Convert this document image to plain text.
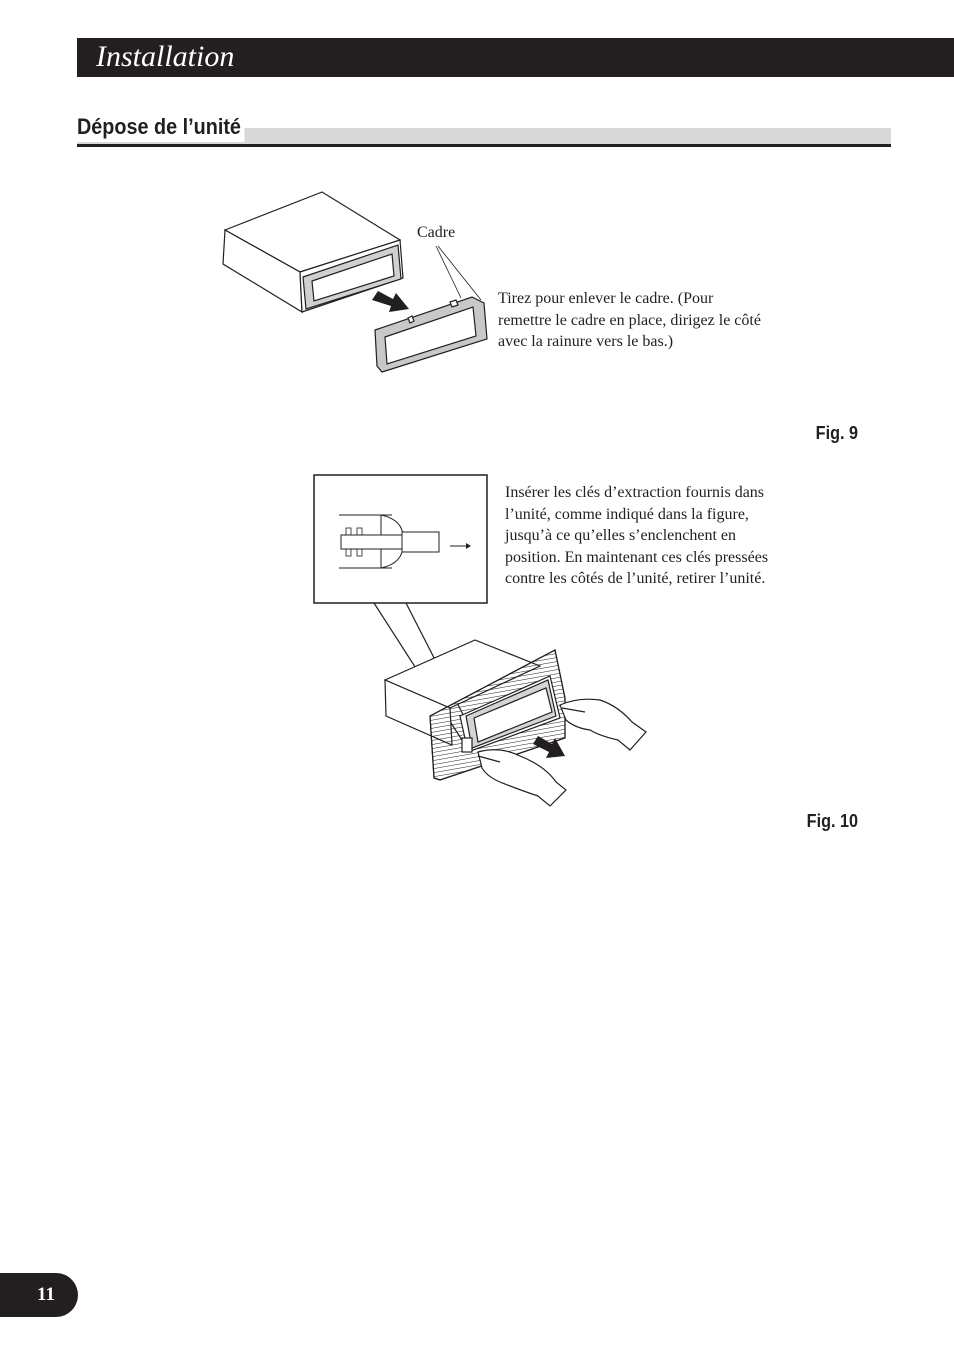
Installation
Dépose de l’unité
Cadre
Tirez pour enlever le cadre. (Pour
remettre le cadre en place, dirigez le côté
avec la rainure vers le bas.)
Fig. 9
Insérer les clés d’extraction fournis dans
l’unité, comme indiqué dans la figure,
jusqu’à ce qu’elles s’enclenchent en
position. En maintenant ces clés pressées
contre les côtés de l’unité, retirer l’unité.
Fig. 10
11
